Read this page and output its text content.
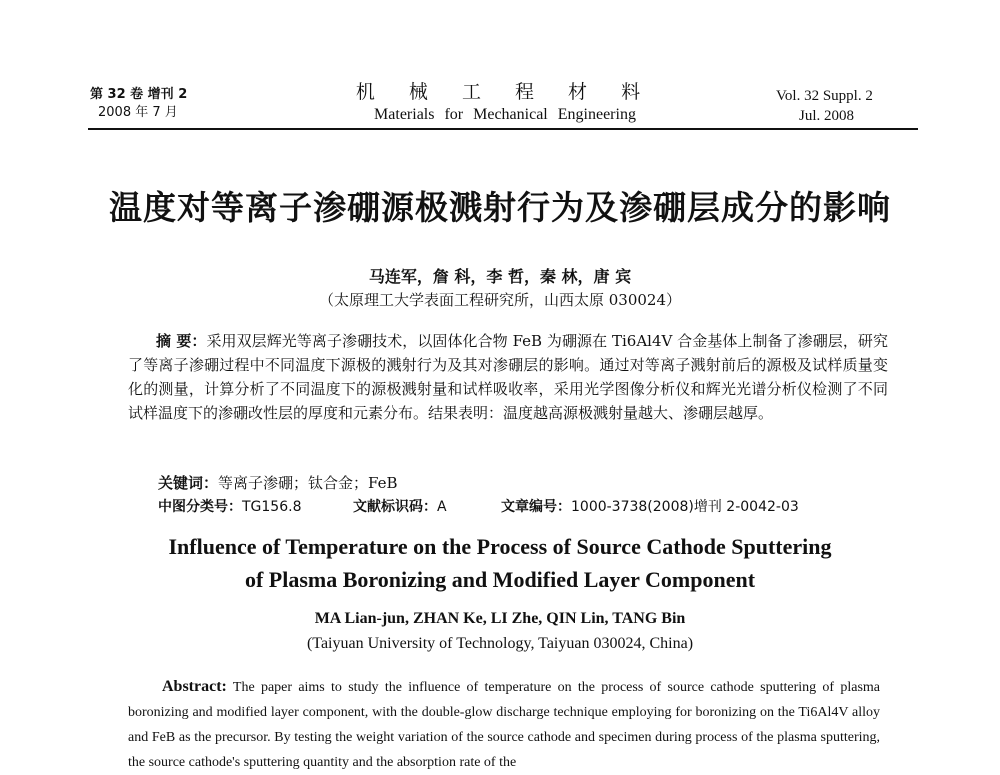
第 32 卷 增刊 2
2008 年 7 月
机 械 工 程 材 料
Materials for Mechanical Engineering
Vol. 32 Suppl. 2
Jul. 2008
温度对等离子渗硼源极溅射行为及渗硼层成分的影响
马连军，詹 科，李 哲，秦 林，唐 宾
（太原理工大学表面工程研究所，山西太原 030024）
摘 要：采用双层辉光等离子渗硼技术，以固体化合物 FeB 为硼源在 Ti6Al4V 合金基体上制备了渗硼层，研究了等离子渗硼过程中不同温度下源极的溅射行为及其对渗硼层的影响。通过对等离子溅射前后的源极及试样质量变化的测量，计算分析了不同温度下的源极溅射量和试样吸收率，采用光学图像分析仪和辉光光谱分析仪检测了不同试样温度下的渗硼改性层的厚度和元素分布。结果表明：温度越高源极溅射量越大、渗硼层越厚。
关键词：等离子渗硼；钛合金；FeB
中图分类号：TG156.8	文献标识码：A	文章编号：1000-3738(2008)增刊 2-0042-03
Influence of Temperature on the Process of Source Cathode Sputtering
of Plasma Boronizing and Modified Layer Component
MA Lian-jun, ZHAN Ke, LI Zhe, QIN Lin, TANG Bin
(Taiyuan University of Technology, Taiyuan 030024, China)
Abstract: The paper aims to study the influence of temperature on the process of source cathode sputtering of plasma boronizing and modified layer component, with the double-glow discharge technique employing for boronizing on the Ti6Al4V alloy and FeB as the precursor. By testing the weight variation of the source cathode and specimen during process of the plasma sputtering, the source cathode's sputtering quantity and the absorption rate of the
